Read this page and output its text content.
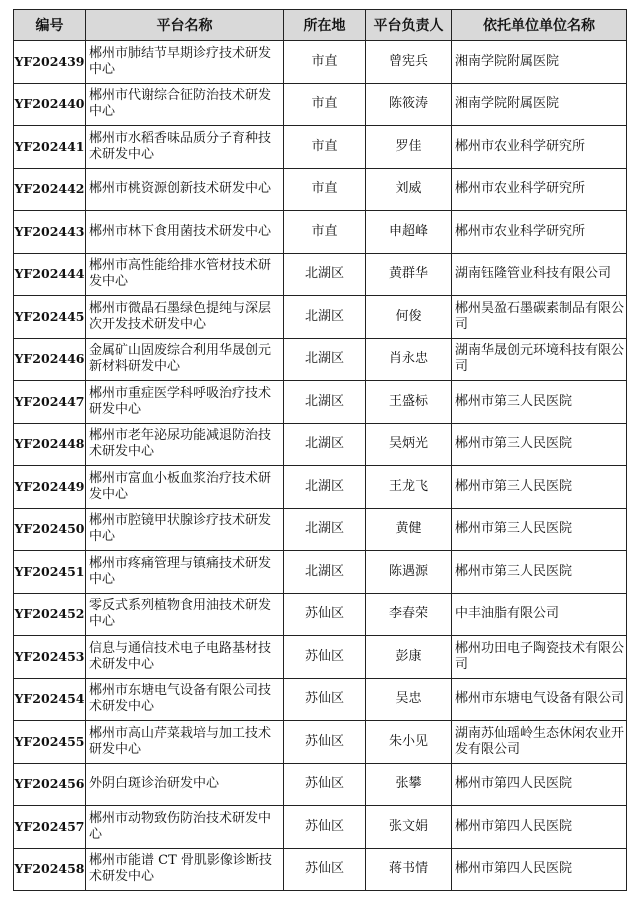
编号	平台名称	所在地	平台负责人	依托单位单位名称
YF202439	郴州市肺结节早期诊疗技术研发中心	市直	曾宪兵	湘南学院附属医院
YF202440	郴州市代谢综合征防治技术研发中心	市直	陈筱涛	湘南学院附属医院
YF202441	郴州市水稻香味品质分子育种技术研发中心	市直	罗佳	郴州市农业科学研究所
YF202442	郴州市桃资源创新技术研发中心	市直	刘威	郴州市农业科学研究所
YF202443	郴州市林下食用菌技术研发中心	市直	申超峰	郴州市农业科学研究所
YF202444	郴州市高性能给排水管材技术研发中心	北湖区	黄群华	湖南钰隆管业科技有限公司
YF202445	郴州市微晶石墨绿色提纯与深层次开发技术研发中心	北湖区	何俊	郴州昊盈石墨碳素制品有限公司
YF202446	金属矿山固废综合利用华晟创元新材料研发中心	北湖区	肖永忠	湖南华晟创元环境科技有限公司
YF202447	郴州市重症医学科呼吸治疗技术研发中心	北湖区	王盛标	郴州市第三人民医院
YF202448	郴州市老年泌尿功能减退防治技术研发中心	北湖区	吴炳光	郴州市第三人民医院
YF202449	郴州市富血小板血浆治疗技术研发中心	北湖区	王龙飞	郴州市第三人民医院
YF202450	郴州市腔镜甲状腺诊疗技术研发中心	北湖区	黄健	郴州市第三人民医院
YF202451	郴州市疼痛管理与镇痛技术研发中心	北湖区	陈遇源	郴州市第三人民医院
YF202452	零反式系列植物食用油技术研发中心	苏仙区	李春荣	中丰油脂有限公司
YF202453	信息与通信技术电子电路基材技术研发中心	苏仙区	彭康	郴州功田电子陶瓷技术有限公司
YF202454	郴州市东塘电气设备有限公司技术研发中心	苏仙区	吴忠	郴州市东塘电气设备有限公司
YF202455	郴州市高山芹菜栽培与加工技术研发中心	苏仙区	朱小见	湖南苏仙瑶岭生态休闲农业开发有限公司
YF202456	外阴白斑诊治研发中心	苏仙区	张攀	郴州市第四人民医院
YF202457	郴州市动物致伤防治技术研发中心	苏仙区	张文娟	郴州市第四人民医院
YF202458	郴州市能谱 CT 骨肌影像诊断技术研发中心	苏仙区	蒋书情	郴州市第四人民医院
